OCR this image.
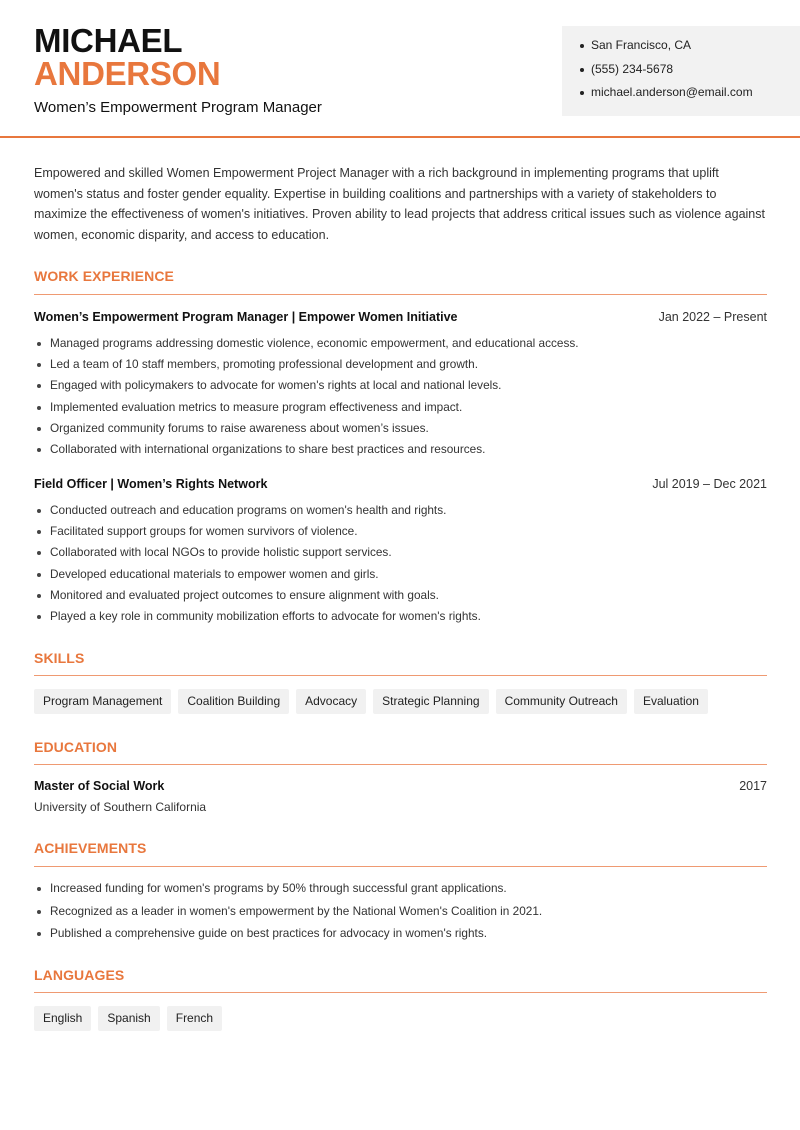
MICHAEL
ANDERSON
Women’s Empowerment Program Manager
San Francisco, CA
(555) 234-5678
michael.anderson@email.com

Empowered and skilled Women Empowerment Project Manager with a rich background in implementing programs that uplift women's status and foster gender equality. Expertise in building coalitions and partnerships with a variety of stakeholders to maximize the effectiveness of women's initiatives. Proven ability to lead projects that address critical issues such as violence against women, economic disparity, and access to education.

WORK EXPERIENCE
Women’s Empowerment Program Manager | Empower Women Initiative	Jan 2022 – Present
Managed programs addressing domestic violence, economic empowerment, and educational access.
Led a team of 10 staff members, promoting professional development and growth.
Engaged with policymakers to advocate for women's rights at local and national levels.
Implemented evaluation metrics to measure program effectiveness and impact.
Organized community forums to raise awareness about women’s issues.
Collaborated with international organizations to share best practices and resources.
Field Officer | Women’s Rights Network	Jul 2019 – Dec 2021
Conducted outreach and education programs on women's health and rights.
Facilitated support groups for women survivors of violence.
Collaborated with local NGOs to provide holistic support services.
Developed educational materials to empower women and girls.
Monitored and evaluated project outcomes to ensure alignment with goals.
Played a key role in community mobilization efforts to advocate for women's rights.
SKILLS
Program Management	Coalition Building	Advocacy	Strategic Planning	Community Outreach	Evaluation
EDUCATION
Master of Social Work	2017
University of Southern California
ACHIEVEMENTS
Increased funding for women's programs by 50% through successful grant applications.
Recognized as a leader in women's empowerment by the National Women's Coalition in 2021.
Published a comprehensive guide on best practices for advocacy in women's rights.
LANGUAGES
English	Spanish	French
